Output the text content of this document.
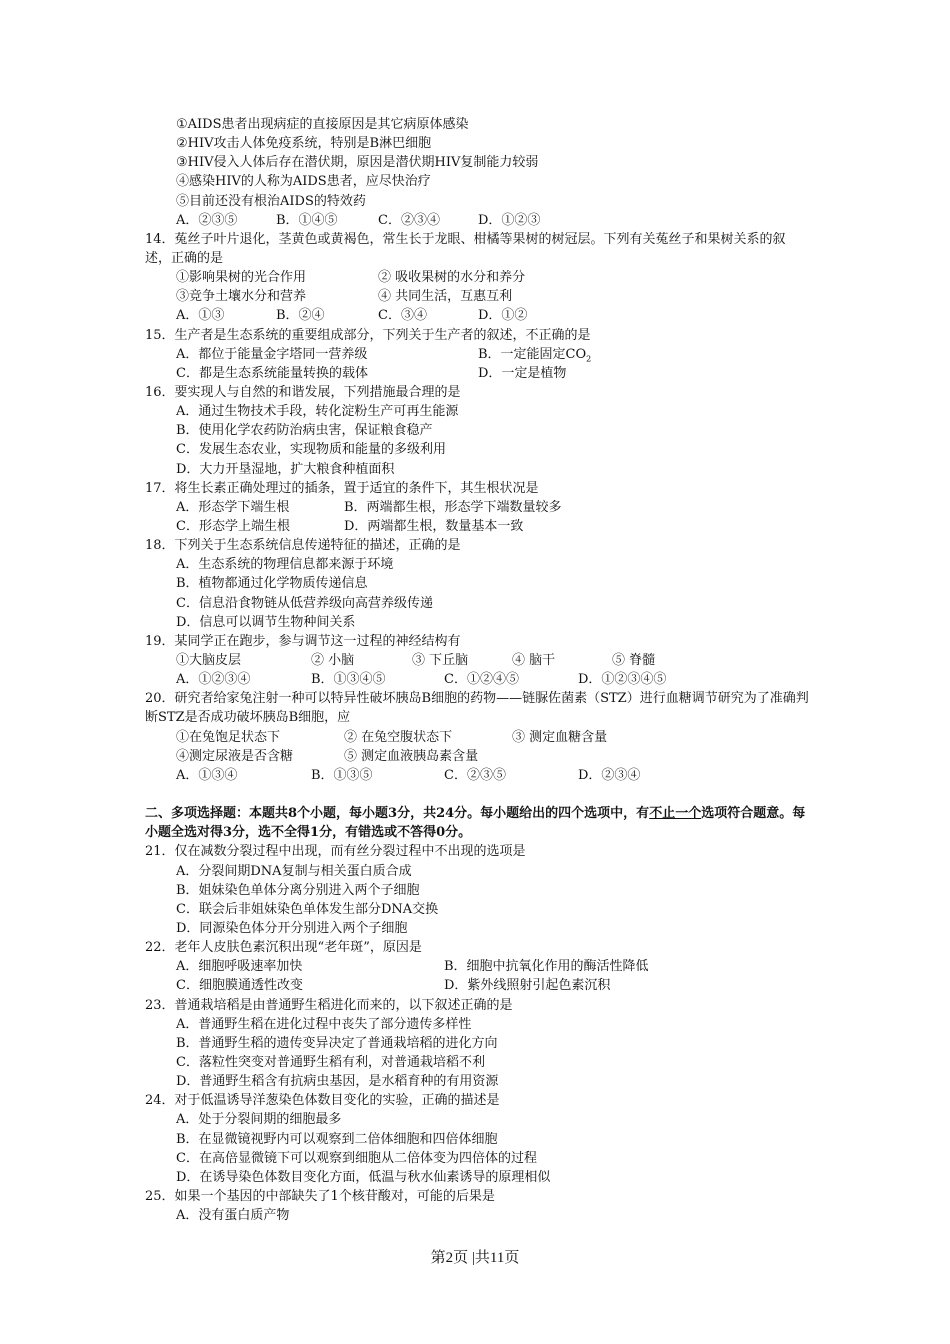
①AIDS患者出现病症的直接原因是其它病原体感染
②HIV攻击人体免疫系统，特别是B淋巴细胞
③HIV侵入人体后存在潜伏期，原因是潜伏期HIV复制能力较弱
④感染HIV的人称为AIDS患者，应尽快治疗
⑤目前还没有根治AIDS的特效药
A．②③⑤	B．①④⑤	C．②③④	D．①②③
14．菟丝子叶片退化，茎黄色或黄褐色，常生长于龙眼、柑橘等果树的树冠层。下列有关菟丝子和果树关系的叙述，正确的是
①影响果树的光合作用	② 吸收果树的水分和养分
③竞争土壤水分和营养	④ 共同生活，互惠互利
A．①③	B．②④	C．③④	D．①②
15．生产者是生态系统的重要组成部分，下列关于生产者的叙述，不正确的是
A．都位于能量金字塔同一营养级	B．一定能固定$CO_2$
C．都是生态系统能量转换的载体	D．一定是植物
16．要实现人与自然的和谐发展，下列措施最合理的是
A．通过生物技术手段，转化淀粉生产可再生能源
B．使用化学农药防治病虫害，保证粮食稳产
C．发展生态农业，实现物质和能量的多级利用
D．大力开垦湿地，扩大粮食种植面积
17．将生长素正确处理过的插条，置于适宜的条件下，其生根状况是
A．形态学下端生根	B．两端都生根，形态学下端数量较多
C．形态学上端生根	D．两端都生根，数量基本一致
18．下列关于生态系统信息传递特征的描述，正确的是
A．生态系统的物理信息都来源于环境
B．植物都通过化学物质传递信息
C．信息沿食物链从低营养级向高营养级传递
D．信息可以调节生物种间关系
19．某同学正在跑步，参与调节这一过程的神经结构有
①大脑皮层	② 小脑	③ 下丘脑	④ 脑干	⑤ 脊髓
A．①②③④	B．①③④⑤	C．①②④⑤	D．①②③④⑤
20．研究者给家兔注射一种可以特异性破坏胰岛B细胞的药物——链脲佐菌素（STZ）进行血糖调节研究为了准确判断STZ是否成功破坏胰岛B细胞，应
①在兔饱足状态下	② 在兔空腹状态下	③ 测定血糖含量
④测定尿液是否含糖	⑤ 测定血液胰岛素含量
A．①③④	B．①③⑤	C．②③⑤	D．②③④
二、多项选择题：本题共8个小题，每小题3分，共24分。每小题给出的四个选项中，有不止一个选项符合题意。每小题全选对得3分，选不全得1分，有错选或不答得0分。
21．仅在减数分裂过程中出现，而有丝分裂过程中不出现的选项是
A．分裂间期DNA复制与相关蛋白质合成
B．姐妹染色单体分离分别进入两个子细胞
C．联会后非姐妹染色单体发生部分DNA交换
D．同源染色体分开分别进入两个子细胞
22．老年人皮肤色素沉积出现“老年斑”，原因是
A．细胞呼吸速率加快	B．细胞中抗氧化作用的酶活性降低
C．细胞膜通透性改变	D．紫外线照射引起色素沉积
23．普通栽培稻是由普通野生稻进化而来的，以下叙述正确的是
A．普通野生稻在进化过程中丧失了部分遗传多样性
B．普通野生稻的遗传变异决定了普通栽培稻的进化方向
C．落粒性突变对普通野生稻有利，对普通栽培稻不利
D．普通野生稻含有抗病虫基因，是水稻育种的有用资源
24．对于低温诱导洋葱染色体数目变化的实验，正确的描述是
A．处于分裂间期的细胞最多
B．在显微镜视野内可以观察到二倍体细胞和四倍体细胞
C．在高倍显微镜下可以观察到细胞从二倍体变为四倍体的过程
D．在诱导染色体数目变化方面，低温与秋水仙素诱导的原理相似
25．如果一个基因的中部缺失了1个核苷酸对，可能的后果是
A．没有蛋白质产物
第2页 |共11页
